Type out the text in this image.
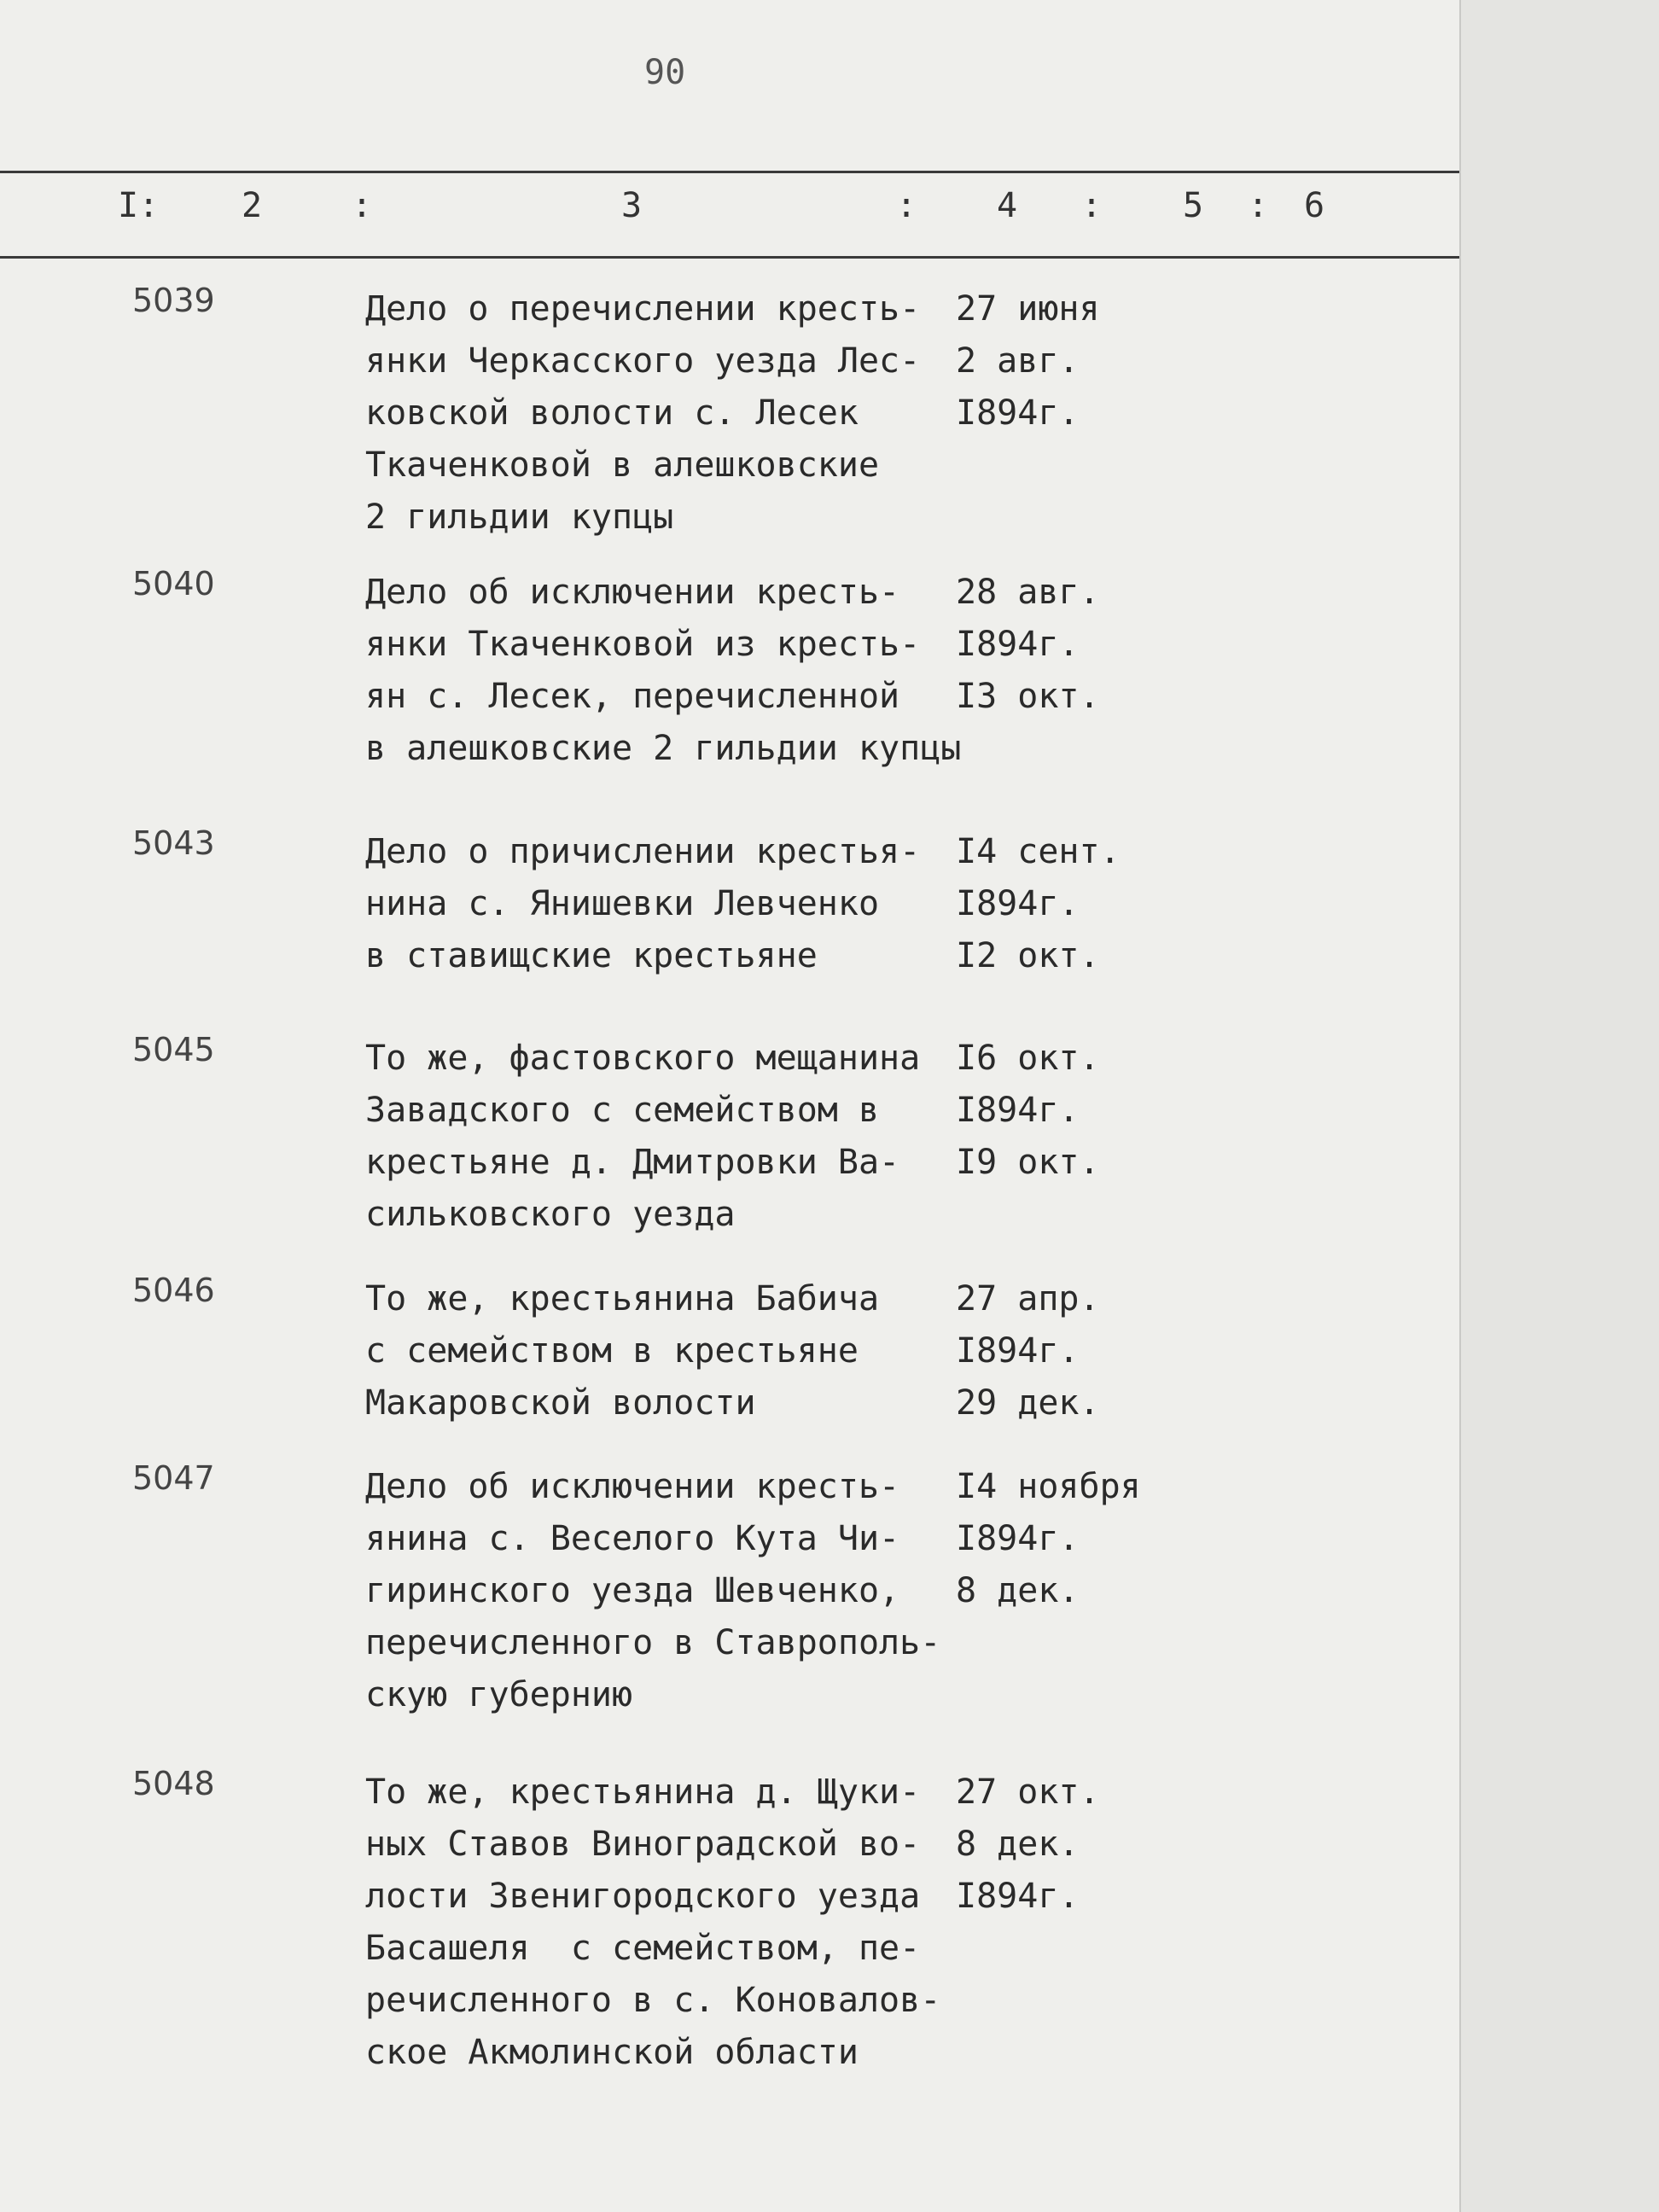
90
I: 2	:	3	: 4 : 5 : 6
5039	Дело о перечислении кресть-
янки Черкасского уезда Лес-
ковской волости с. Лесек
Ткаченковой в алешковские
2 гильдии купцы
27 июня
2 авг.
I894г.
5040	Дело об исключении кресть-
янки Ткаченковой из кресть-
ян с. Лесек, перечисленной
в алешковские 2 гильдии купцы
28 авг.
I894г.
I3 окт.
5043	Дело о причислении крестья-
нина с. Янишевки Левченко
в ставищские крестьяне
I4 сент.
I894г.
I2 окт.
5045	То же, фастовского мещанина
Завадского с семейством в
крестьяне д. Дмитровки Ва-
сильковского уезда
I6 окт.
I894г.
I9 окт.
5046	То же, крестьянина Бабича
с семейством в крестьяне
Макаровской волости
27 апр.
I894г.
29 дек.
5047	Дело об исключении кресть-
янина с. Веселого Кута Чи-
гиринского уезда Шевченко,
перечисленного в Ставрополь-
скую губернию
I4 ноября
I894г.
8 дек.
5048	То же, крестьянина д. Щуки-
ных Ставов Виноградской во-
лости Звенигородского уезда
Басашеля  с семейством, пе-
речисленного в с. Коновалов-
ское Акмолинской области
27 окт.
8 дек.
I894г.
